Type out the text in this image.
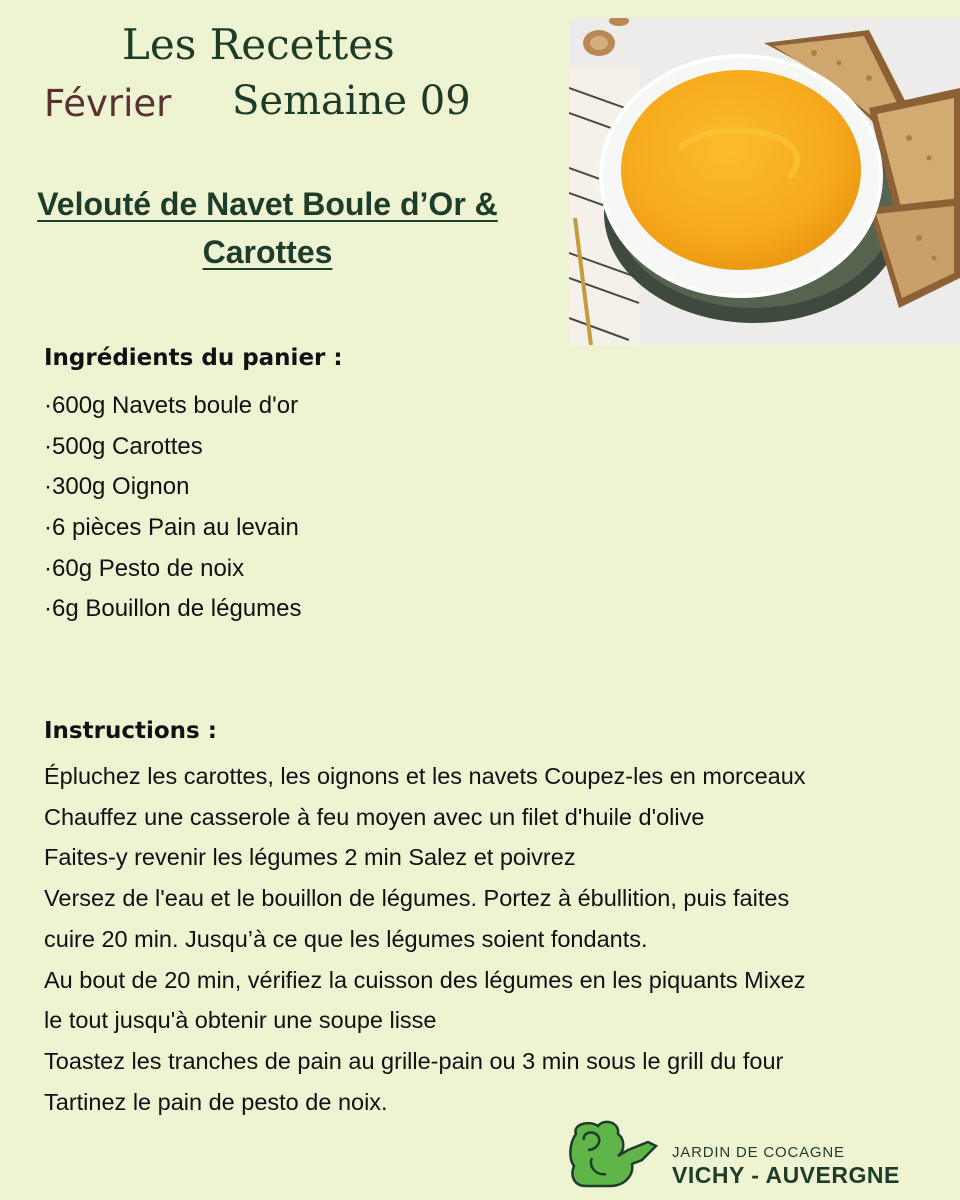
Les Recettes
Février Semaine 09
Velouté de Navet Boule d’Or &
Carottes
Ingrédients du panier :
·600g Navets boule d'or
·500g Carottes
·300g Oignon
·6 pièces Pain au levain
·60g Pesto de noix
·6g Bouillon de légumes
Instructions :
Épluchez les carottes, les oignons et les navets Coupez-les en morceaux
Chauffez une casserole à feu moyen avec un filet d'huile d'olive
Faites-y revenir les légumes 2 min Salez et poivrez
Versez de l'eau et le bouillon de légumes. Portez à ébullition, puis faites
cuire 20 min. Jusqu’à ce que les légumes soient fondants.
Au bout de 20 min, vérifiez la cuisson des légumes en les piquants Mixez
le tout jusqu'à obtenir une soupe lisse
Toastez les tranches de pain au grille-pain ou 3 min sous le grill du four
Tartinez le pain de pesto de noix.
JARDIN DE COCAGNE
VICHY - AUVERGNE
